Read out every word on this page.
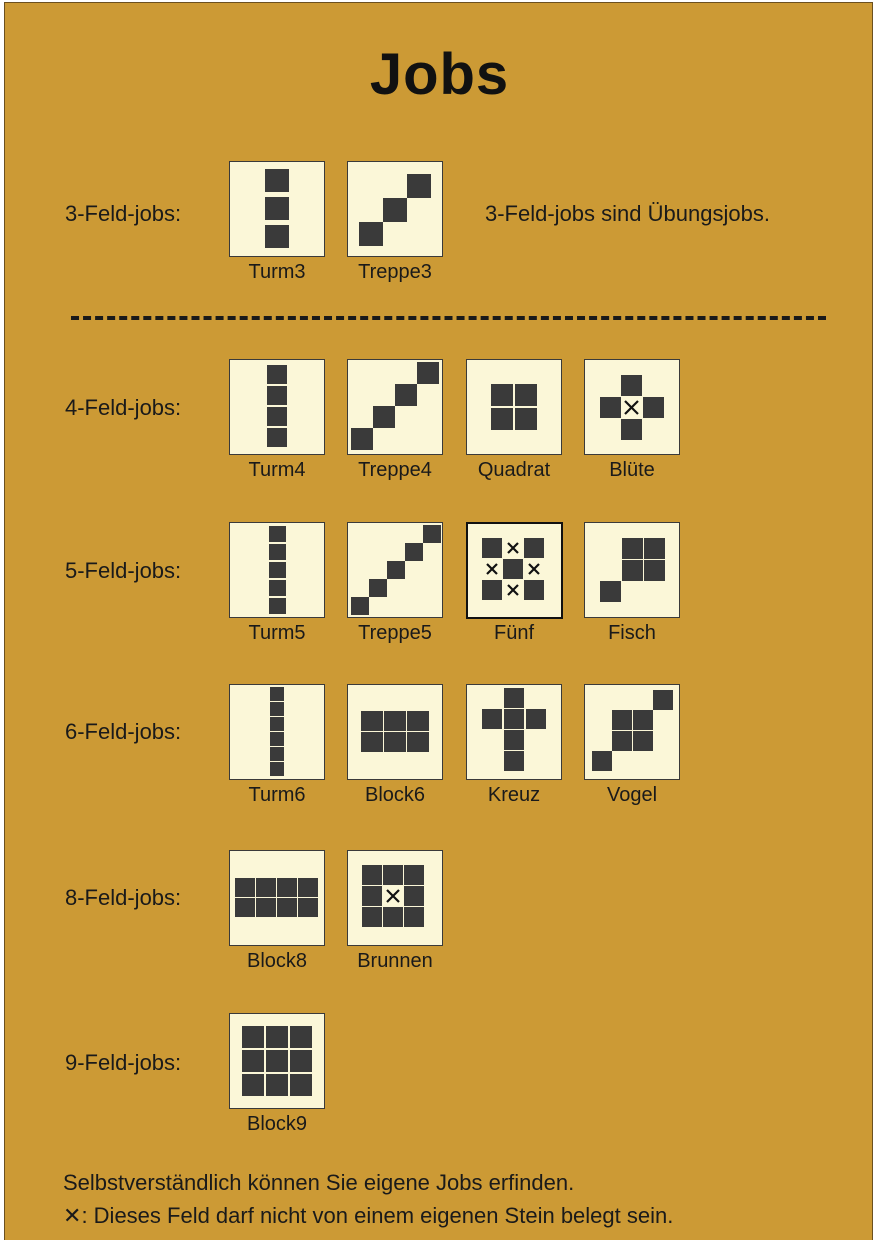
Jobs
3-Feld-jobs:
Turm3	Treppe3
3-Feld-jobs sind Übungsjobs.
4-Feld-jobs:
Turm4	Treppe4	Quadrat	Blüte
5-Feld-jobs:
Turm5	Treppe5	Fünf	Fisch
6-Feld-jobs:
Turm6	Block6	Kreuz	Vogel
8-Feld-jobs:
Block8	Brunnen
9-Feld-jobs:
Block9
Selbstverständlich können Sie eigene Jobs erfinden.
✕: Dieses Feld darf nicht von einem eigenen Stein belegt sein.
